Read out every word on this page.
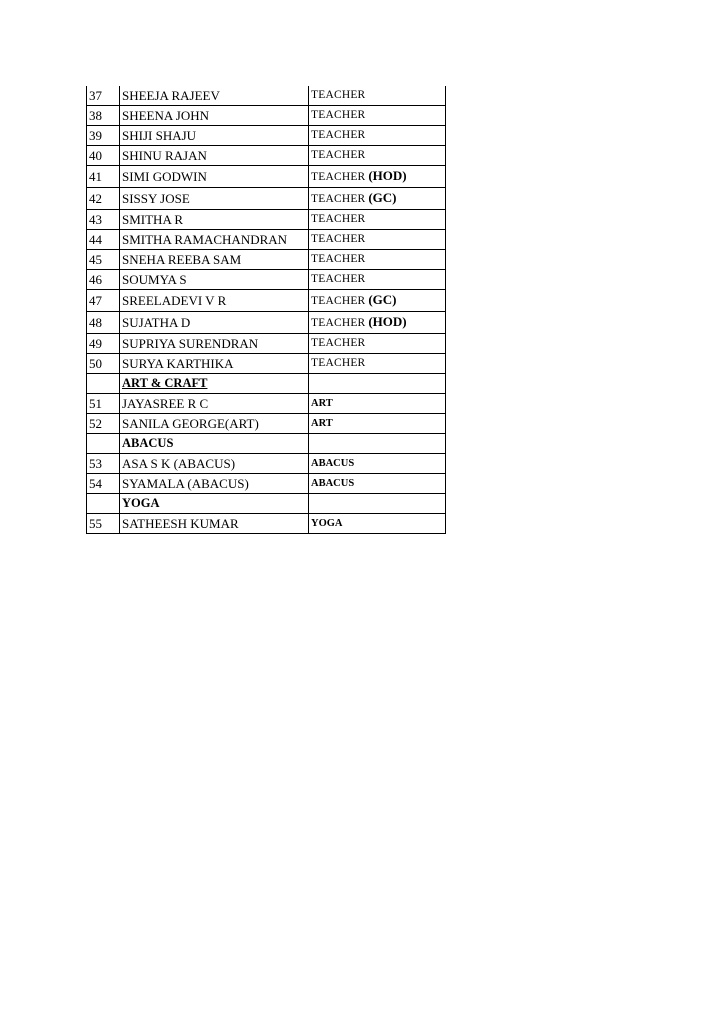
37	SHEEJA RAJEEV	TEACHER
38	SHEENA JOHN	TEACHER
39	SHIJI SHAJU	TEACHER
40	SHINU RAJAN	TEACHER
41	SIMI GODWIN	TEACHER (HOD)
42	SISSY JOSE	TEACHER (GC)
43	SMITHA R	TEACHER
44	SMITHA RAMACHANDRAN	TEACHER
45	SNEHA REEBA SAM	TEACHER
46	SOUMYA S	TEACHER
47	SREELADEVI V R	TEACHER (GC)
48	SUJATHA D	TEACHER (HOD)
49	SUPRIYA SURENDRAN	TEACHER
50	SURYA KARTHIKA	TEACHER
	ART & CRAFT	
51	JAYASREE R C	ART
52	SANILA GEORGE(ART)	ART
	ABACUS	
53	ASA S K (ABACUS)	ABACUS
54	SYAMALA (ABACUS)	ABACUS
	YOGA	
55	SATHEESH KUMAR	YOGA
